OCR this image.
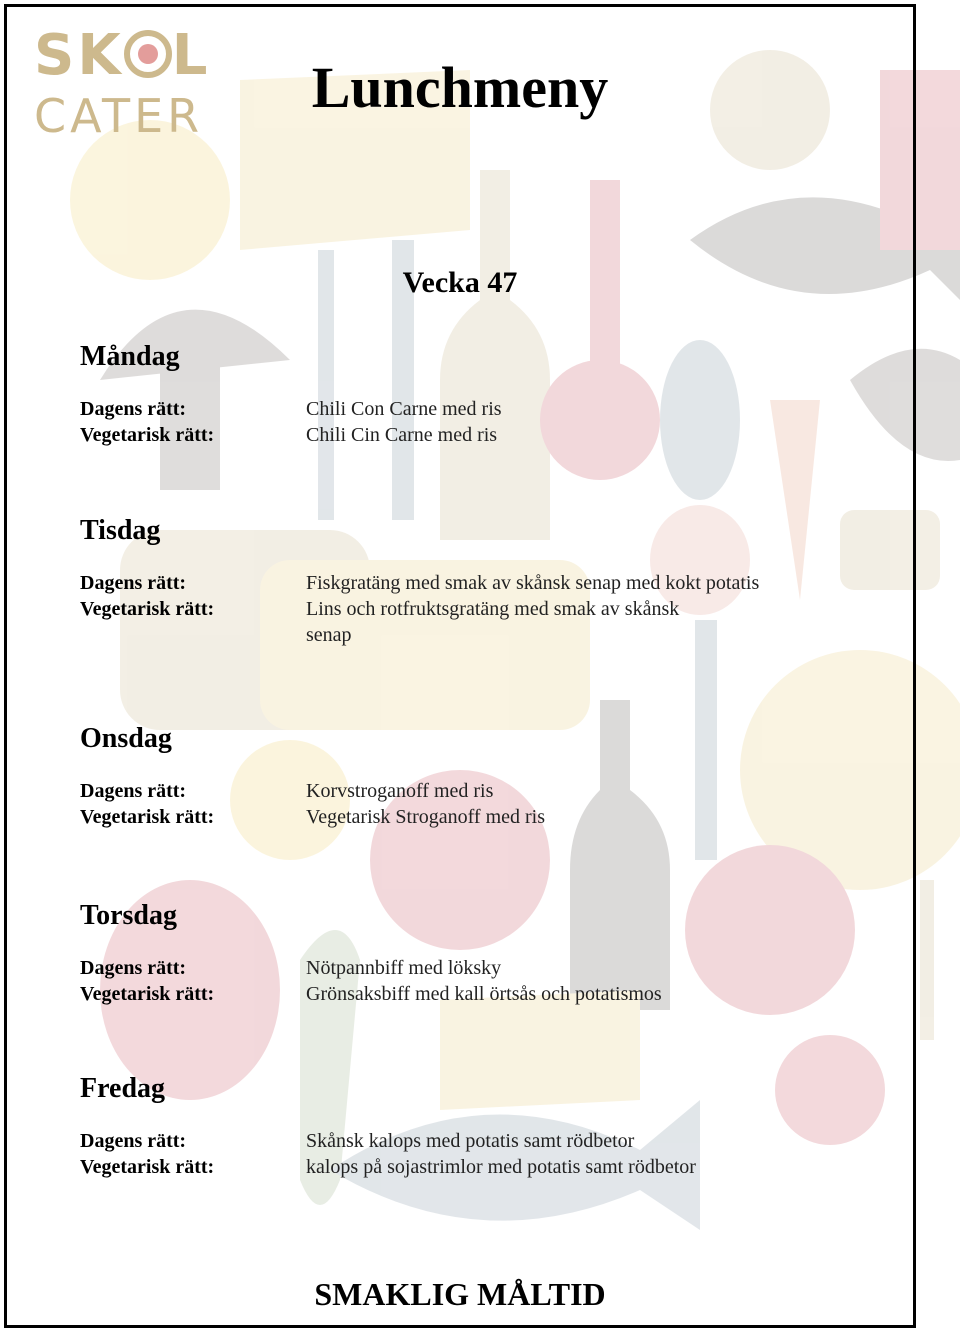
SK L
CATER	Lunchmeny
Vecka 47
Måndag
Dagens rätt:	Chili Con Carne med ris
Vegetarisk rätt:	Chili Cin Carne med ris
Tisdag
Dagens rätt:	Fiskgratäng med smak av skånsk senap med kokt potatis
Vegetarisk rätt:	Lins och rotfruktsgratäng med smak av skånsk
senap
Onsdag
Dagens rätt:	Korvstroganoff med ris
Vegetarisk rätt:	Vegetarisk Stroganoff med ris
Torsdag
Dagens rätt:	Nötpannbiff med löksky
Vegetarisk rätt:	Grönsaksbiff med kall örtsås och potatismos
Fredag
Dagens rätt:	Skånsk kalops med potatis samt rödbetor
Vegetarisk rätt:	kalops på sojastrimlor med potatis samt rödbetor
SMAKLIG MÅLTID
